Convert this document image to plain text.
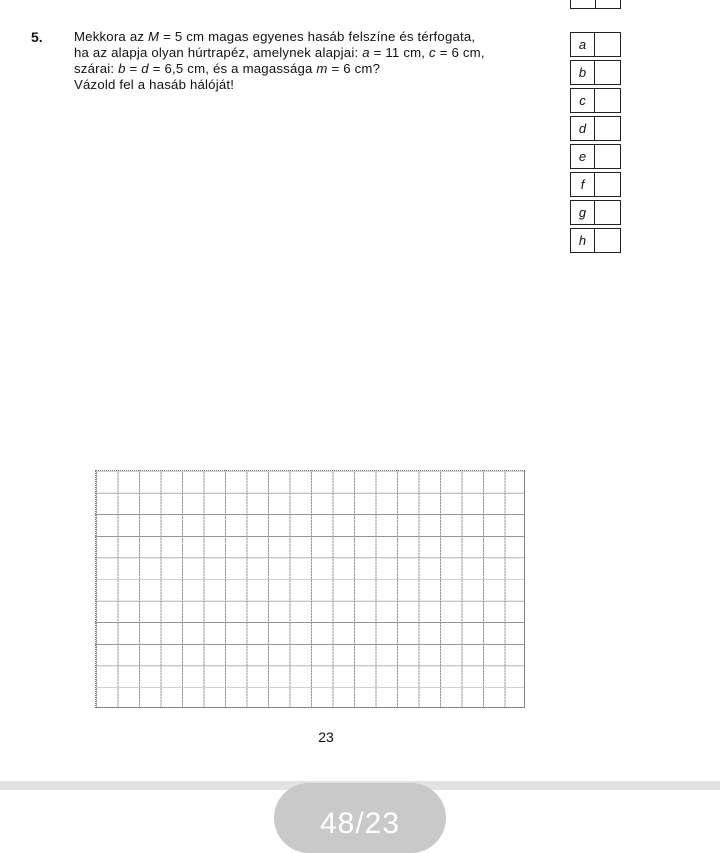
5. Mekkora az M = 5 cm magas egyenes hasáb felszíne és térfogata,
ha az alapja olyan húrtrapéz, amelynek alapjai: a = 11 cm, c = 6 cm,
szárai: b = d = 6,5 cm, és a magassága m = 6 cm?
Vázold fel a hasáb hálóját!
a
b
c
d
e
f
g
h
23
48/23
